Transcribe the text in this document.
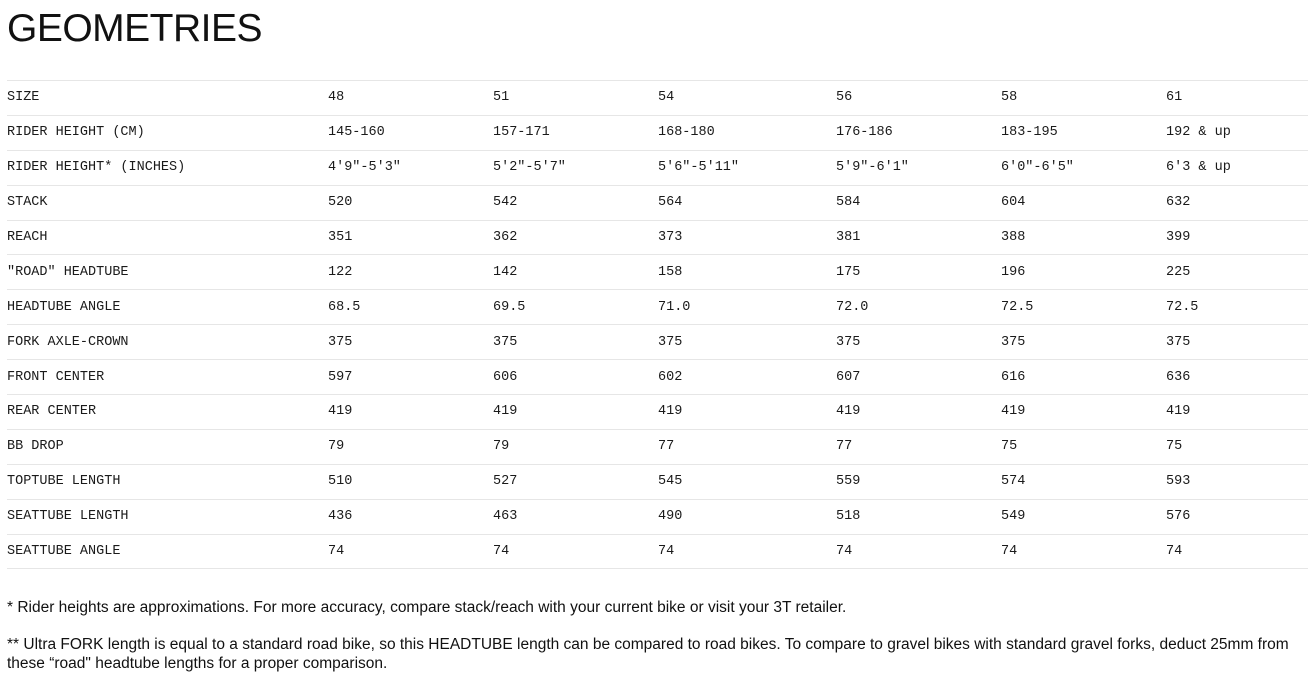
GEOMETRIES
SIZE	48	51	54	56	58	61
RIDER HEIGHT (CM)	145-160	157-171	168-180	176-186	183-195	192 & up
RIDER HEIGHT* (INCHES)	4'9"-5'3"	5'2"-5'7"	5'6"-5'11"	5'9"-6'1"	6'0"-6'5"	6'3 & up
STACK	520	542	564	584	604	632
REACH	351	362	373	381	388	399
"ROAD" HEADTUBE	122	142	158	175	196	225
HEADTUBE ANGLE	68.5	69.5	71.0	72.0	72.5	72.5
FORK AXLE-CROWN	375	375	375	375	375	375
FRONT CENTER	597	606	602	607	616	636
REAR CENTER	419	419	419	419	419	419
BB DROP	79	79	77	77	75	75
TOPTUBE LENGTH	510	527	545	559	574	593
SEATTUBE LENGTH	436	463	490	518	549	576
SEATTUBE ANGLE	74	74	74	74	74	74

* Rider heights are approximations. For more accuracy, compare stack/reach with your current bike or visit your 3T retailer.

** Ultra FORK length is equal to a standard road bike, so this HEADTUBE length can be compared to road bikes. To compare to gravel bikes with standard gravel forks, deduct 25mm from these “road" headtube lengths for a proper comparison.
